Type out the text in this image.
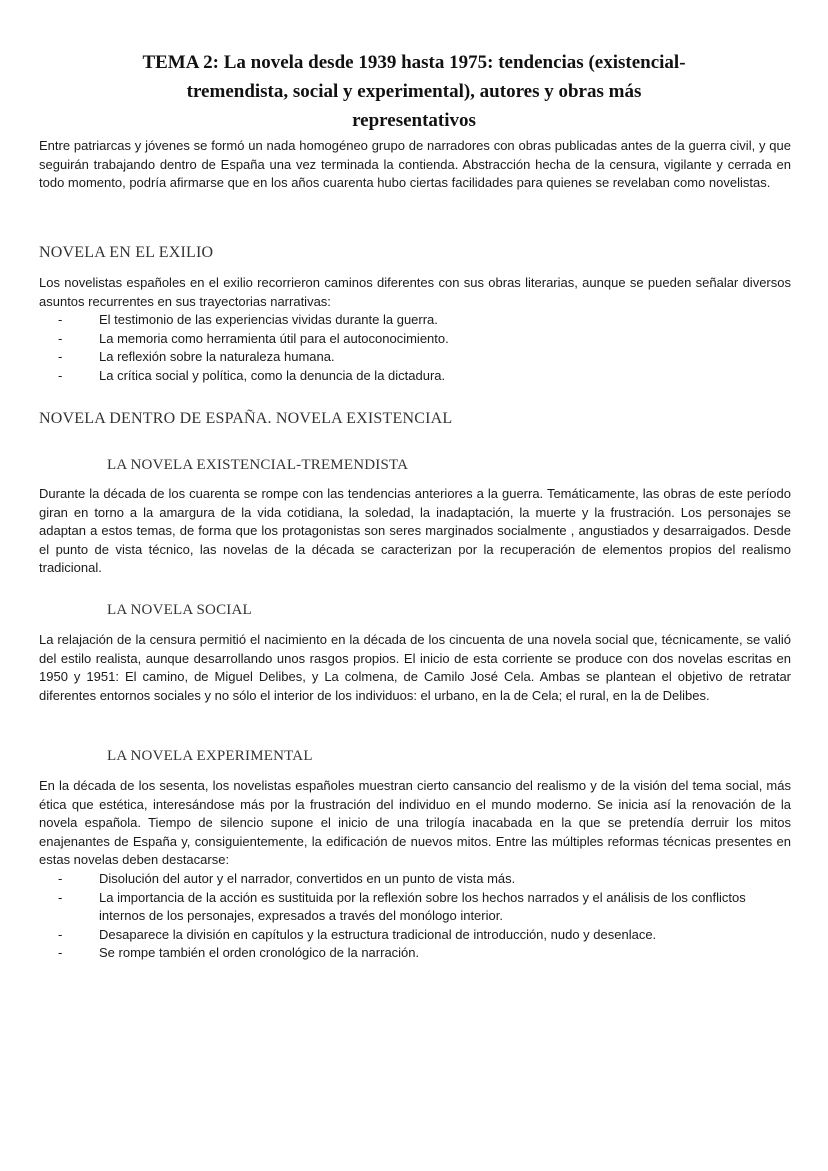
TEMA 2: La novela desde 1939 hasta 1975: tendencias (existencial-
tremendista, social y experimental), autores y obras más
representativos

Entre patriarcas y jóvenes se formó un nada homogéneo grupo de narradores con obras publicadas antes de la guerra civil, y que seguirán trabajando dentro de España una vez terminada la contienda. Abstracción hecha de la censura, vigilante y cerrada en todo momento, podría afirmarse que en los años cuarenta hubo ciertas facilidades para quienes se revelaban como novelistas.

NOVELA EN EL EXILIO

Los novelistas españoles en el exilio recorrieron caminos diferentes con sus obras literarias, aunque se pueden señalar diversos asuntos recurrentes en sus trayectorias narrativas:

-	El testimonio de las experiencias vividas durante la guerra.
-	La memoria como herramienta útil para el autoconocimiento.
-	La reflexión sobre la naturaleza humana.
-	La crítica social y política, como la denuncia de la dictadura.
NOVELA DENTRO DE ESPAÑA. NOVELA EXISTENCIAL
LA NOVELA EXISTENCIAL-TREMENDISTA

Durante la década de los cuarenta se rompe con las tendencias anteriores a la guerra. Temáticamente, las obras de este período giran en torno a la amargura de la vida cotidiana, la soledad, la inadaptación, la muerte y la frustración. Los personajes se adaptan a estos temas, de forma que los protagonistas son seres marginados socialmente , angustiados y desarraigados. Desde el punto de vista técnico, las novelas de la década se caracterizan por la recuperación de elementos propios del realismo tradicional.

LA NOVELA SOCIAL

La relajación de la censura permitió el nacimiento en la década de los cincuenta de una novela social que, técnicamente, se valió del estilo realista, aunque desarrollando unos rasgos propios. El inicio de esta corriente se produce con dos novelas escritas en 1950 y 1951: El camino, de Miguel Delibes, y La colmena, de Camilo José Cela. Ambas se plantean el objetivo de retratar diferentes entornos sociales y no sólo el interior de los individuos: el urbano, en la de Cela; el rural, en la de Delibes.

LA NOVELA EXPERIMENTAL

En la década de los sesenta, los novelistas españoles muestran cierto cansancio del realismo y de la visión del tema social, más ética que estética, interesándose más por la frustración del individuo en el mundo moderno. Se inicia así la renovación de la novela española. Tiempo de silencio supone el inicio de una trilogía inacabada en la que se pretendía derruir los mitos enajenantes de España y, consiguientemente, la edificación de nuevos mitos. Entre las múltiples reformas técnicas presentes en estas novelas deben destacarse:

-	Disolución del autor y el narrador, convertidos en un punto de vista más.
-	La importancia de la acción es sustituida por la reflexión sobre los hechos narrados y el análisis de los conflictos internos de los personajes, expresados a través del monólogo interior.
-	Desaparece la división en capítulos y la estructura tradicional de introducción, nudo y desenlace.
-	Se rompe también el orden cronológico de la narración.
